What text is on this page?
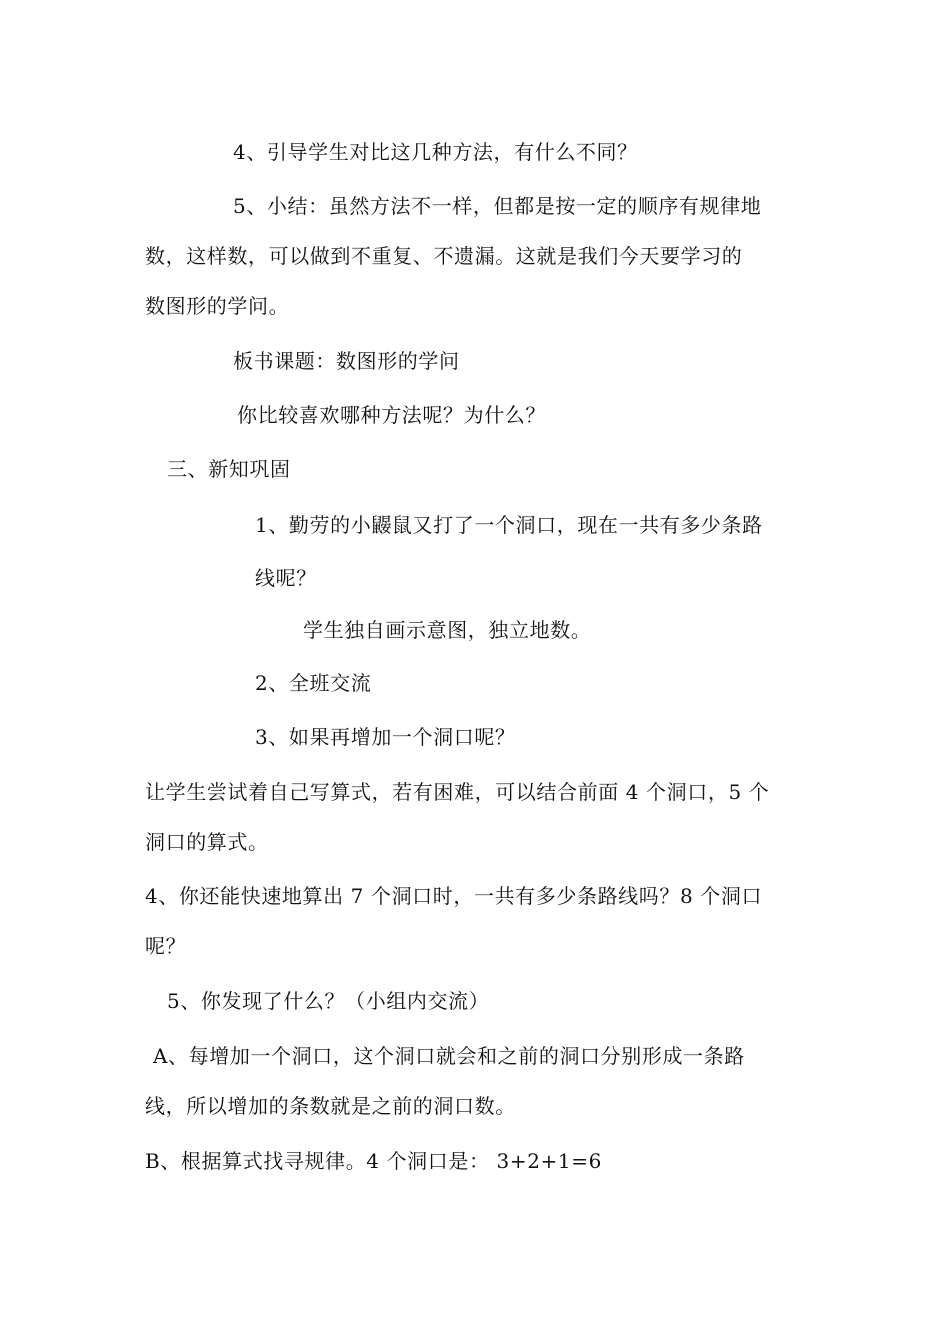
4、引导学生对比这几种方法，有什么不同？
5、小结：虽然方法不一样，但都是按一定的顺序有规律地
数，这样数，可以做到不重复、不遗漏。这就是我们今天要学习的
数图形的学问。
板书课题：数图形的学问
你比较喜欢哪种方法呢？为什么？
三、新知巩固
1、勤劳的小鼹鼠又打了一个洞口，现在一共有多少条路
线呢？
学生独自画示意图，独立地数。
2、全班交流
3、如果再增加一个洞口呢？
让学生尝试着自己写算式，若有困难，可以结合前面 4 个洞口，5 个
洞口的算式。
4、你还能快速地算出 7 个洞口时，一共有多少条路线吗？8 个洞口
呢？
5、你发现了什么？（小组内交流）
A、每增加一个洞口，这个洞口就会和之前的洞口分别形成一条路
线，所以增加的条数就是之前的洞口数。
B、根据算式找寻规律。4 个洞口是： 3+2+1=6
